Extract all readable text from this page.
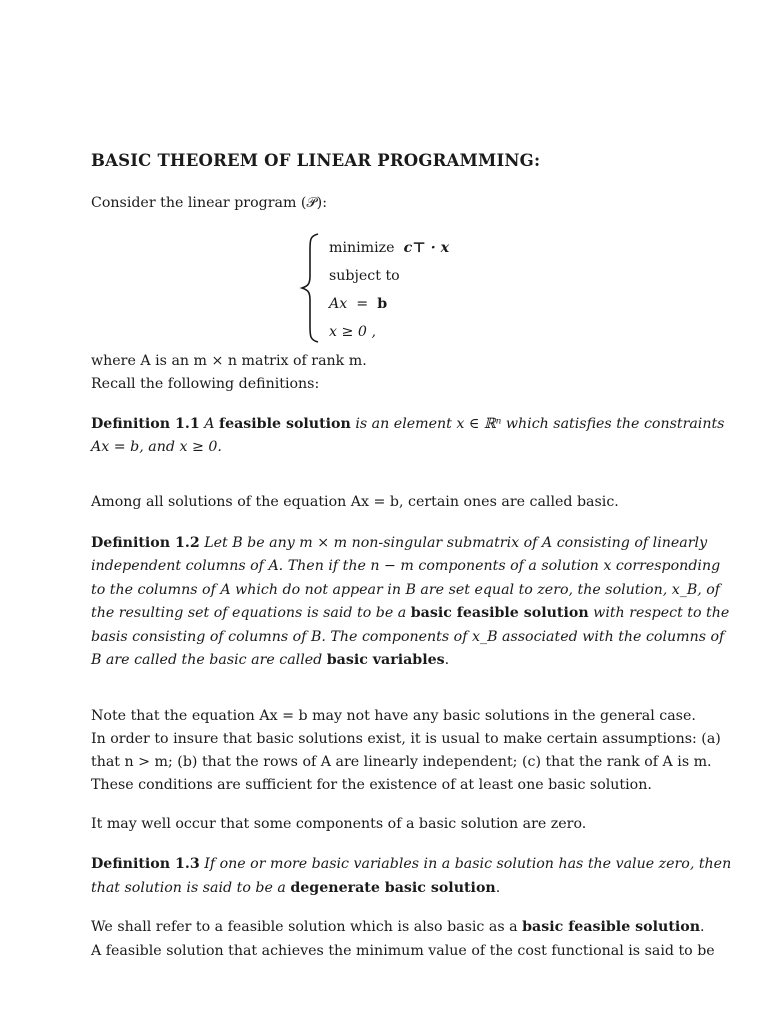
BASIC THEOREM OF LINEAR PROGRAMMING:
Consider the linear program (𝒫):
minimize c⊤ · x
subject to
Ax = b
x ≥ 0 ,
where A is an m × n matrix of rank m.
Recall the following definitions:
Definition 1.1 A feasible solution is an element x ∈ ℝⁿ which satisfies the constraints
Ax = b, and x ≥ 0.
Among all solutions of the equation Ax = b, certain ones are called basic.
Definition 1.2 Let B be any m × m non-singular submatrix of A consisting of linearly
independent columns of A. Then if the n − m components of a solution x corresponding
to the columns of A which do not appear in B are set equal to zero, the solution, x_B, of
the resulting set of equations is said to be a basic feasible solution with respect to the
basis consisting of columns of B. The components of x_B associated with the columns of
B are called the basic are called basic variables.
Note that the equation Ax = b may not have any basic solutions in the general case.
In order to insure that basic solutions exist, it is usual to make certain assumptions: (a)
that n > m; (b) that the rows of A are linearly independent; (c) that the rank of A is m.
These conditions are sufficient for the existence of at least one basic solution.
It may well occur that some components of a basic solution are zero.
Definition 1.3 If one or more basic variables in a basic solution has the value zero, then
that solution is said to be a degenerate basic solution.
We shall refer to a feasible solution which is also basic as a basic feasible solution.
A feasible solution that achieves the minimum value of the cost functional is said to be
